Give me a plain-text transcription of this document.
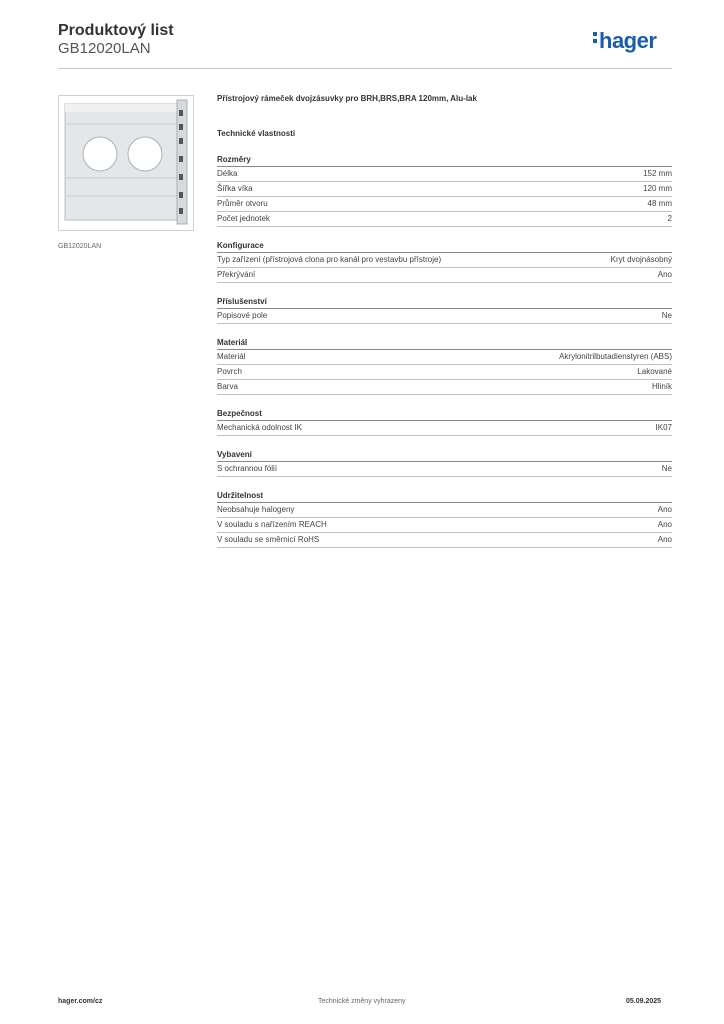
Produktový list
GB12020LAN	hager
GB12020LAN
Přístrojový rámeček dvojzásuvky pro BRH,BRS,BRA 120mm, Alu-lak
Technické vlastnosti
Rozměry
Délka	152 mm
Šířka víka	120 mm
Průměr otvoru	48 mm
Počet jednotek	2
Konfigurace
Typ zařízení (přístrojová clona pro kanál pro vestavbu přístroje)	Kryt dvojnásobný
Překrývání	Ano
Příslušenství
Popisové pole	Ne
Materiál
Materiál	Akrylonitrilbutadienstyren (ABS)
Povrch	Lakované
Barva	Hliník
Bezpečnost
Mechanická odolnost IK	IK07
Vybavení
S ochrannou fólií	Ne
Udržitelnost
Neobsahuje halogeny	Ano
V souladu s nařízením REACH	Ano
V souladu se směrnicí RoHS	Ano
hager.com/cz	Technické změny vyhrazeny	05.09.2025
